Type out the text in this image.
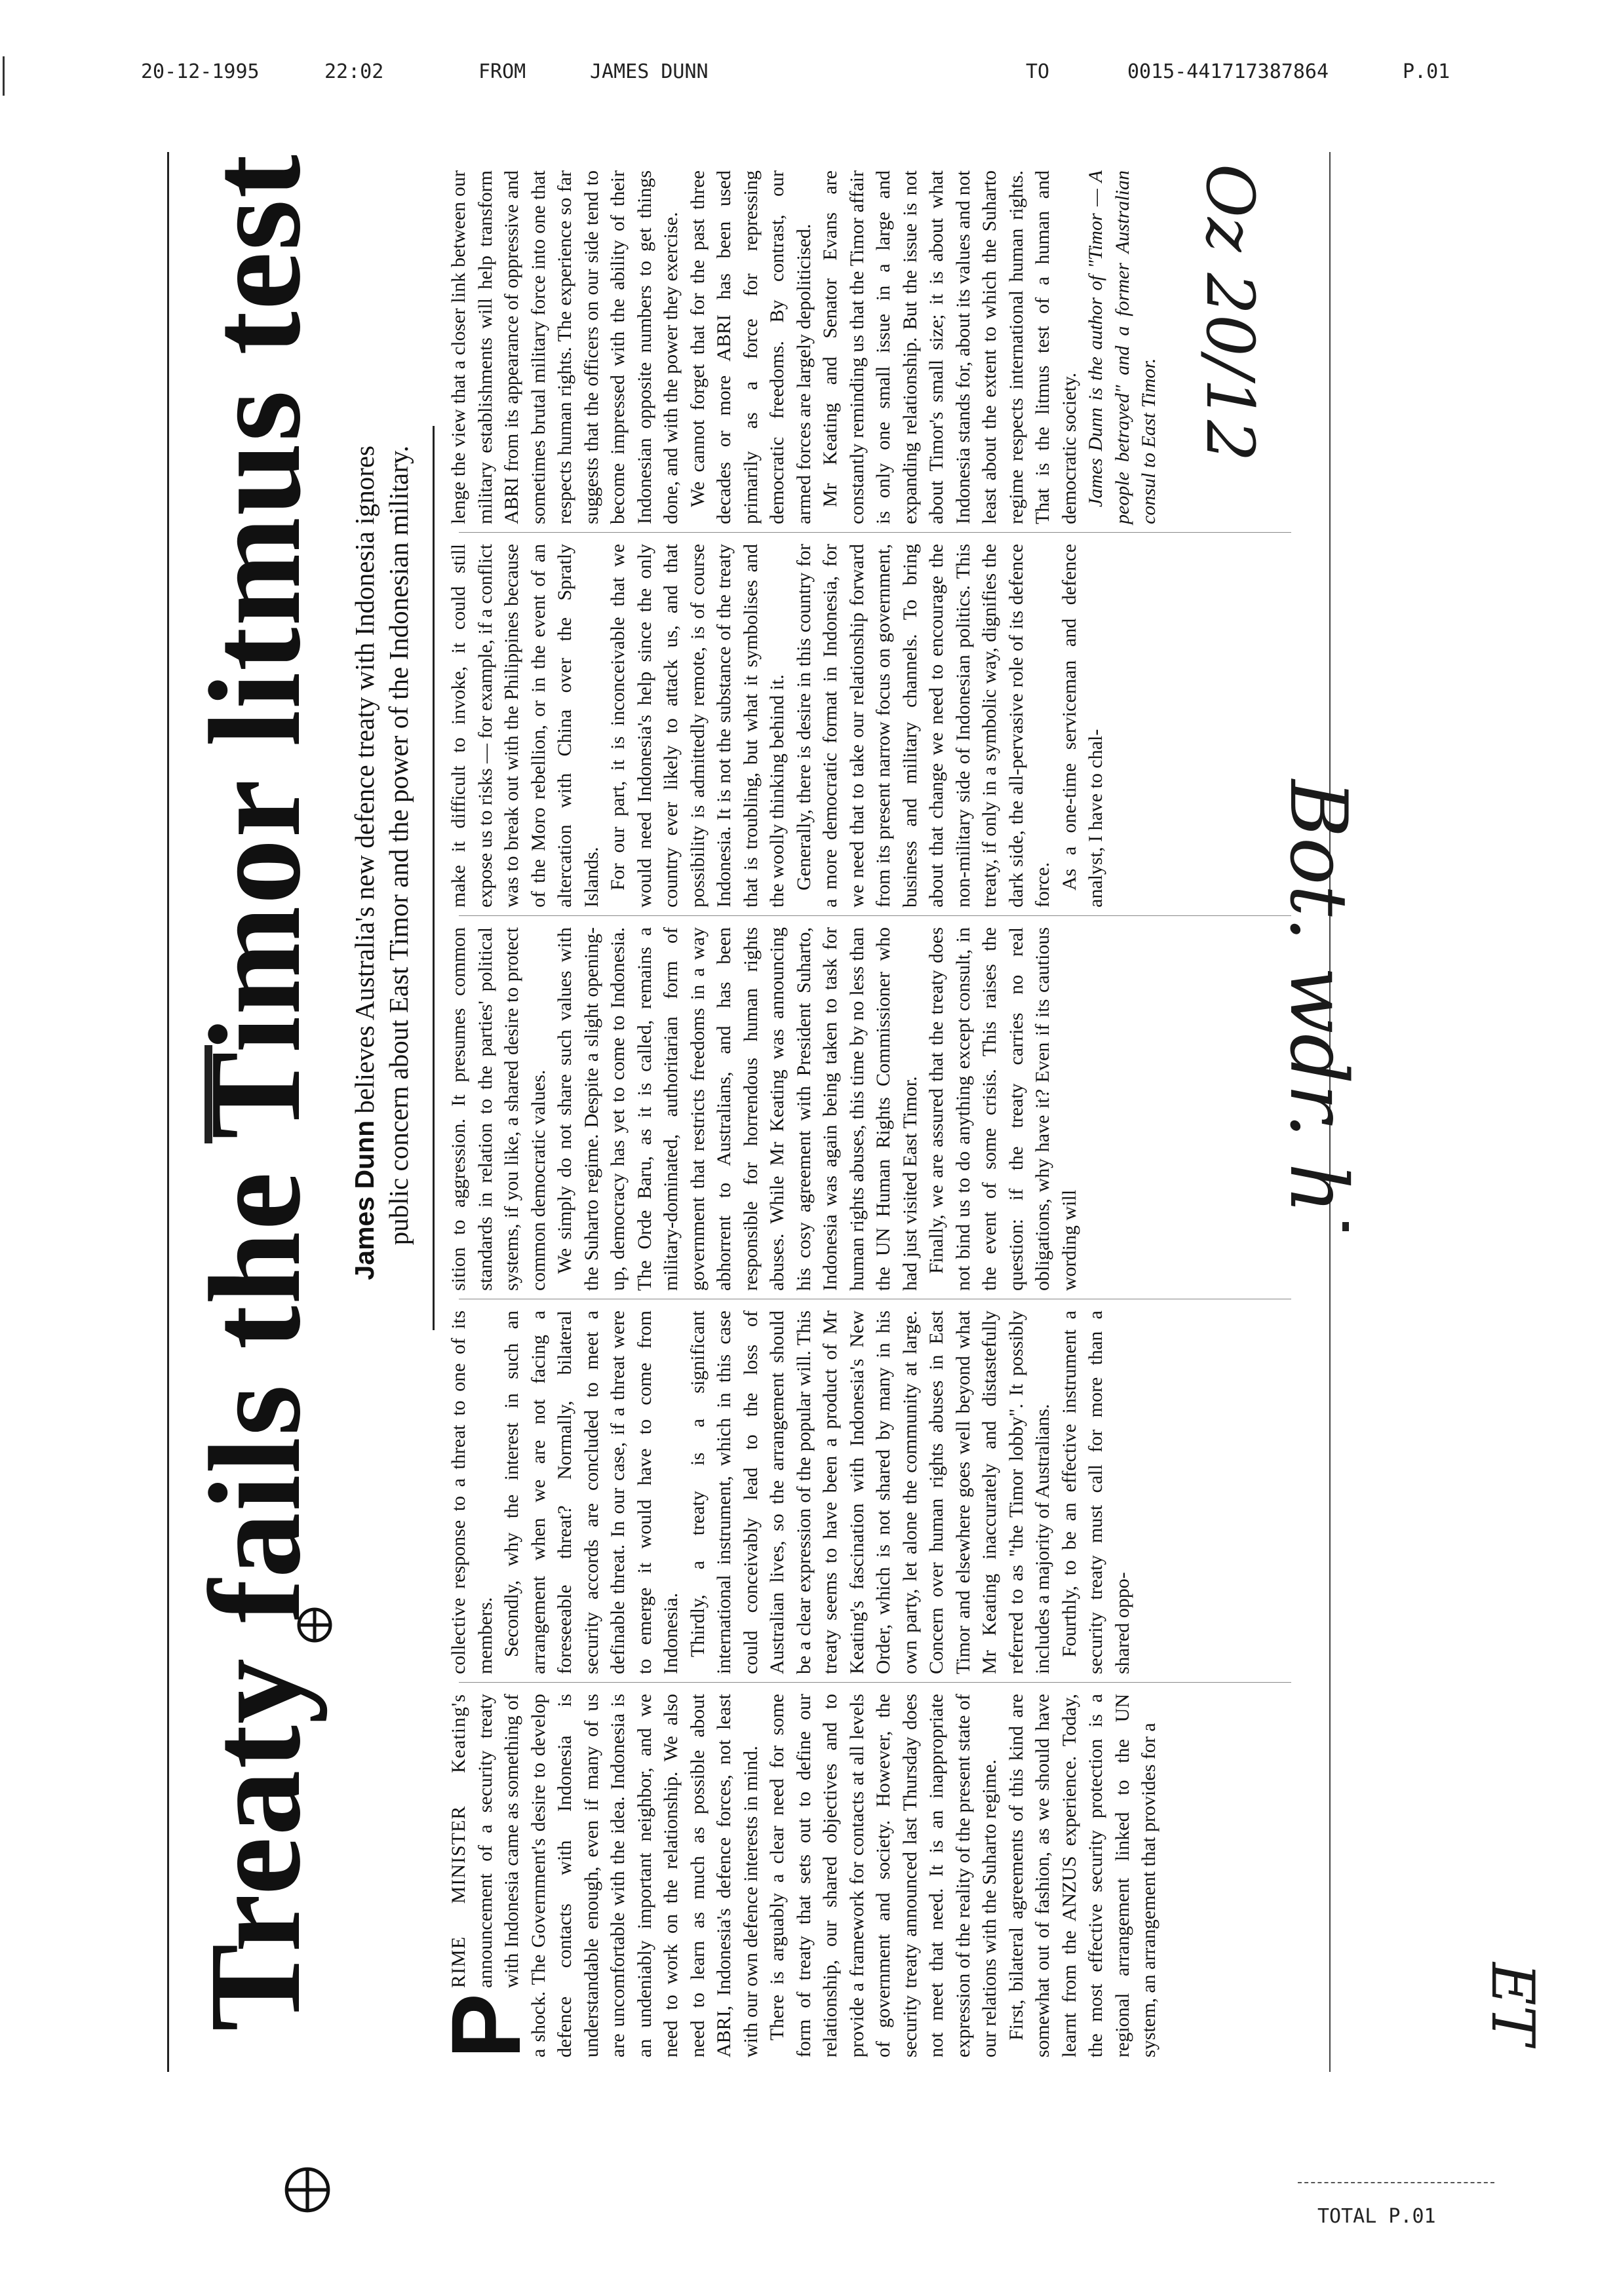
20-12-1995	22:02	FROM	JAMES DUNN	TO	0015-441717387864	P.01
Treaty fails the Timor litmus test James Dunn believes Australia's new defence treaty with Indonesia ignores public concern about East Timor and the power of the Indonesian military.

P
RIME MINISTER Keating's announcement of a security treaty with Indonesia came as something of a shock. The Government's desire to develop defence contacts with Indonesia is understandable enough, even if many of us are uncomfortable with the idea. Indonesia is an undeniably important neighbor, and we need to work on the relationship. We also need to learn as much as possible about ABRI, Indonesia's defence forces, not least with our own defence interests in mind. There is arguably a clear need for some form of treaty that sets out to define our relationship, our shared objectives and to provide a framework for contacts at all levels of government and society. However, the security treaty announced last Thursday does not meet that need. It is an inappropriate expression of the reality of the present state of our relations with the Suharto regime. First, bilateral agreements of this kind are somewhat out of fashion, as we should have learnt from the ANZUS experience. Today, the most effective security protection is a regional arrangement linked to the UN system, an arrangement that provides for a

collective response to a threat to one of its members. Secondly, why the interest in such an arrangement when we are not facing a foreseeable threat? Normally, bilateral security accords are concluded to meet a definable threat. In our case, if a threat were to emerge it would have to come from Indonesia. Thirdly, a treaty is a significant international instrument, which in this case could conceivably lead to the loss of Australian lives, so the arrangement should be a clear expression of the popular will. This treaty seems to have been a product of Mr Keating's fascination with Indonesia's New Order, which is not shared by many in his own party, let alone the community at large. Concern over human rights abuses in East Timor and elsewhere goes well beyond what Mr Keating inaccurately and distastefully referred to as "the Timor lobby". It possibly includes a majority of Australians. Fourthly, to be an effective instrument a security treaty must call for more than a shared oppo-

sition to aggression. It presumes common standards in relation to the parties' political systems, if you like, a shared desire to protect common democratic values. We simply do not share such values with the Suharto regime. Despite a slight opening-up, democracy has yet to come to Indonesia. The Orde Baru, as it is called, remains a military-dominated, authoritarian form of government that restricts freedoms in a way abhorrent to Australians, and has been responsible for horrendous human rights abuses. While Mr Keating was announcing his cosy agreement with President Suharto, Indonesia was again being taken to task for human rights abuses, this time by no less than the UN Human Rights Commissioner who had just visited East Timor. Finally, we are assured that the treaty does not bind us to do anything except consult, in the event of some crisis. This raises the question: if the treaty carries no real obligations, why have it? Even if its cautious wording will

make it difficult to invoke, it could still expose us to risks — for example, if a conflict was to break out with the Philippines because of the Moro rebellion, or in the event of an altercation with China over the Spratly Islands. For our part, it is inconceivable that we would need Indonesia's help since the only country ever likely to attack us, and that possibility is admittedly remote, is of course Indonesia. It is not the substance of the treaty that is troubling, but what it symbolises and the woolly thinking behind it. Generally, there is desire in this country for a more democratic format in Indonesia, for we need that to take our relationship forward from its present narrow focus on government, business and military channels. To bring about that change we need to encourage the non-military side of Indonesian politics. This treaty, if only in a symbolic way, dignifies the dark side, the all-pervasive role of its defence force. As a one-time serviceman and defence analyst, I have to chal-

lenge the view that a closer link between our military establishments will help transform ABRI from its appearance of oppressive and sometimes brutal military force into one that respects human rights. The experience so far suggests that the officers on our side tend to become impressed with the ability of their Indonesian opposite numbers to get things done, and with the power they exercise. We cannot forget that for the past three decades or more ABRI has been used primarily as a force for repressing democratic freedoms. By contrast, our armed forces are largely depoliticised. Mr Keating and Senator Evans are constantly reminding us that the Timor affair is only one small issue in a large and expanding relationship. But the issue is not about Timor's small size; it is about what Indonesia stands for, about its values and not least about the extent to which the Suharto regime respects international human rights. That is the litmus test of a human and democratic society. James Dunn is the author of "Timor — A people betrayed" and a former Australian consul to East Timor. Oz 20/12
Bot. wdr. h
ET
TOTAL P.01
